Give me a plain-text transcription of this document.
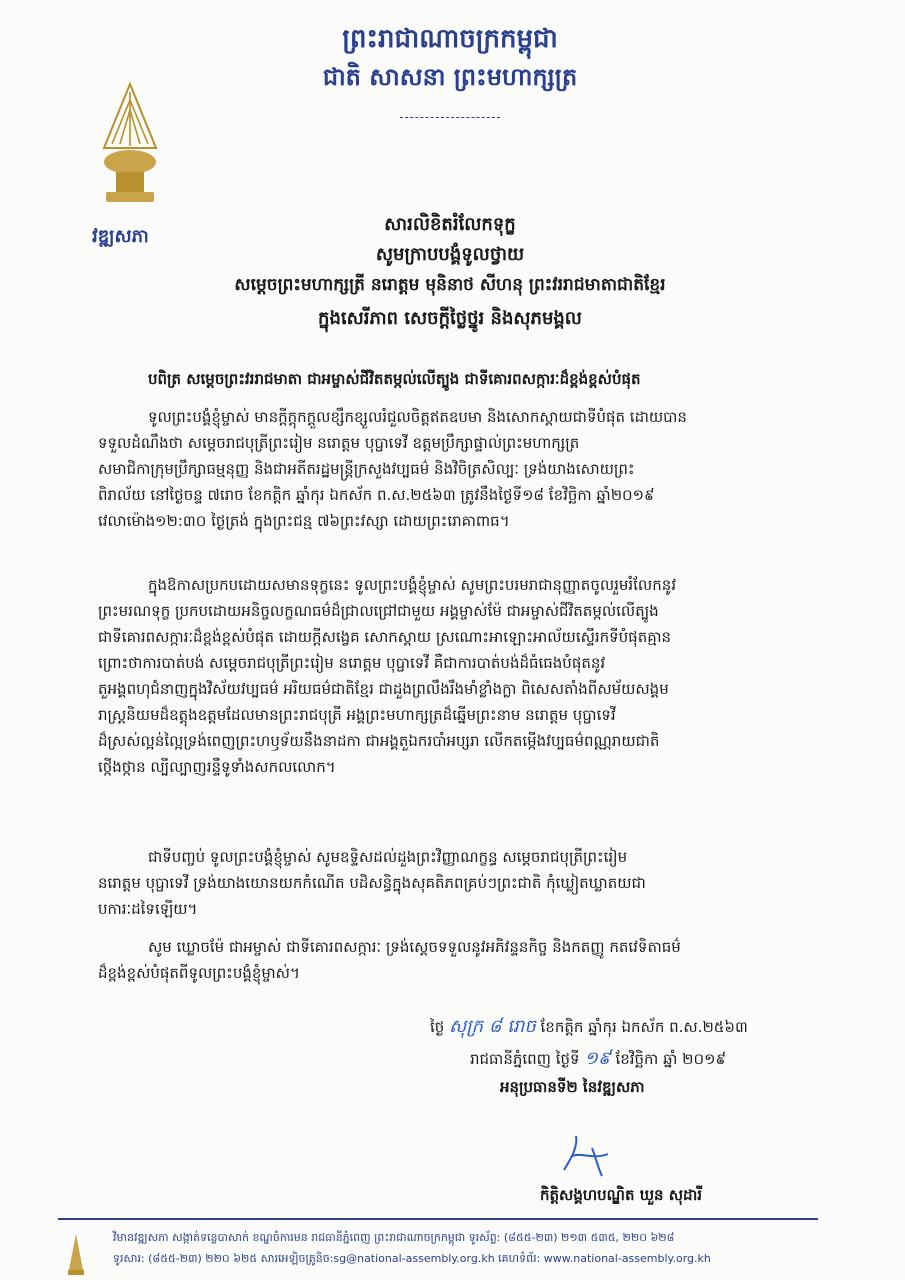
ព្រះរាជាណាចក្រកម្ពុជា
ជាតិ សាសនា ព្រះមហាក្សត្រ
វឌ្ឍសភា
សារលិខិតរំលែកទុក្ខ
សូមក្រាបបង្គំទូលថ្វាយ
សម្តេចព្រះមហាក្សត្រី នរោត្តម មុនិនាថ សីហនុ ព្រះវររាជមាតាជាតិខ្មែរ
ក្នុងសេរីភាព សេចក្តីថ្លៃថ្នូរ និងសុភមង្គល
បពិត្រ សម្តេចព្រះវររាជមាតា ជាអម្ចាស់ជីវិតតម្កល់លើត្បូង ជាទីគោរពសក្ការៈដ៏ខ្ពង់ខ្ពស់បំផុត
ទូលព្រះបង្គំខ្ញុំម្ចាស់ មានក្តីក្តុកក្តួលខ្សឹកខ្សួលរំជួលចិត្តឥតឧបមា និងសោកស្តាយជាទីបំផុត ដោយបាន
ទទួលដំណឹងថា សម្តេចរាជបុត្រីព្រះរៀម នរោត្តម បុប្ផាទេវី ឧត្តមប្រឹក្សាផ្ទាល់ព្រះមហាក្សត្រ
សមាជិកាក្រុមប្រឹក្សាធម្មនុញ្ញ និងជាអតីតរដ្ឋមន្ត្រីក្រសួងវប្បធម៌ និងវិចិត្រសិល្បៈ ទ្រង់យាងសោយព្រះ
ពិរាល័យ នៅថ្ងៃចន្ទ ៧រោច ខែកត្តិក ឆ្នាំកុរ ឯកស័ក ព.ស.២៥៦៣ ត្រូវនឹងថ្ងៃទី១៨ ខែវិច្ឆិកា ឆ្នាំ២០១៩
វេលាម៉ោង១២:៣០ ថ្ងៃត្រង់ ក្នុងព្រះជន្ម ៧៦ព្រះវស្សា ដោយព្រះរោគាពាធ។
ក្នុងឱកាសប្រកបដោយសមានទុក្ខនេះ ទូលព្រះបង្គំខ្ញុំម្ចាស់ សូមព្រះបរមរាជានុញ្ញាតចូលរួមរំលែកនូវ
ព្រះមរណទុក្ខ ប្រកបដោយអនិច្ចលក្ខណធម៌ដ៏ជ្រាលជ្រៅជាមួយ អង្គម្ចាស់ម៉ែ ជាអម្ចាស់ជីវិតតម្កល់លើត្បូង
ជាទីគោរពសក្ការៈដ៏ខ្ពង់ខ្ពស់បំផុត ដោយក្តីសង្វេគ សោកស្តាយ ស្រណោះអាឡោះអាល័យស្ទើរកទីបំផុតគ្មាន
ព្រោះថាការបាត់បង់ សម្តេចរាជបុត្រីព្រះរៀម នរោត្តម បុប្ផាទេវី គឺជាការបាត់បង់ដ៏ធំធេងបំផុតនូវ
តួអង្គពហុជំនាញក្នុងវិស័យវប្បធម៌ អរិយធម៌ជាតិខ្មែរ ជាដួងព្រលឹងរឹងមាំខ្លាំងក្លា ពិសេសតាំងពីសម័យសង្គម
រាស្ត្រនិយមដ៏ឧត្តុងឧត្តមដែលមានព្រះរាជបុត្រី អង្គព្រះមហាក្សត្រដ៏ឆ្នើមព្រះនាម នរោត្តម បុប្ផាទេវី
ដ៏ស្រស់ល្អន់ល្អៃទ្រង់ពេញព្រះហឫទ័យនឹងនាដកា ជាអង្គតួឯករបាំអប្សរា លើកតម្កើងវប្បធម៌ពណ្ណរាយជាតិ
ថ្កើងថ្កាន ល្បីល្បាញរន្ទឺទូទាំងសកលលោក។
ជាទីបញ្ចប់ ទូលព្រះបង្គំខ្ញុំម្ចាស់ សូមឧទ្ទិសដល់ដួងព្រះវិញ្ញាណក្ខន្ធ សម្តេចរាជបុត្រីព្រះរៀម
នរោត្តម បុប្ផាទេវី ទ្រង់យាងយោនយកកំណើត បដិសន្ធិក្នុងសុគតិភពគ្រប់ៗព្រះជាតិ កុំឃ្លៀតឃ្លាតយជា
បការៈដទៃឡើយ។
សូម ឃ្លោចម៉ែ ជាអម្ចាស់ ជាទីគោរពសក្ការៈ ទ្រង់ស្តេចទទួលនូវអភិវន្ទនកិច្ច និងកតញ្ញូ កតវេទិតាធម៌
ដ៏ខ្ពង់ខ្ពស់បំផុតពីទូលព្រះបង្គំខ្ញុំម្ចាស់។
ថ្ងៃ សុក្រ ៨ រោច ខែកត្តិក ឆ្នាំកុរ ឯកស័ក ព.ស.២៥៦៣
រាជធានីភ្នំពេញ ថ្ងៃទី ១៩ ខែវិច្ឆិកា ឆ្នាំ ២០១៩
អនុប្រធានទី២ នៃវឌ្ឍសភា
កិត្តិសង្គហបណ្ឌិត ឃួន សុដារី
វិមានវឌ្ឍសភា សង្កាត់ទន្លេបាសាក់ ខណ្ឌចំការមន រាជធានីភ្នំពេញ ព្រះរាជាណាចក្រកម្ពុជា ទូរស័ព្ទ: (៨៥៥-២៣) ២១៣ ៥៣៥, ២២០ ៦២៨
ទូរសារ: (៨៥៥-២៣) ២២០ ៦២៥ សារអេឡិចត្រូនិច:sg@national-assembly.org.kh គេហទំព័រ: www.national-assembly.org.kh
